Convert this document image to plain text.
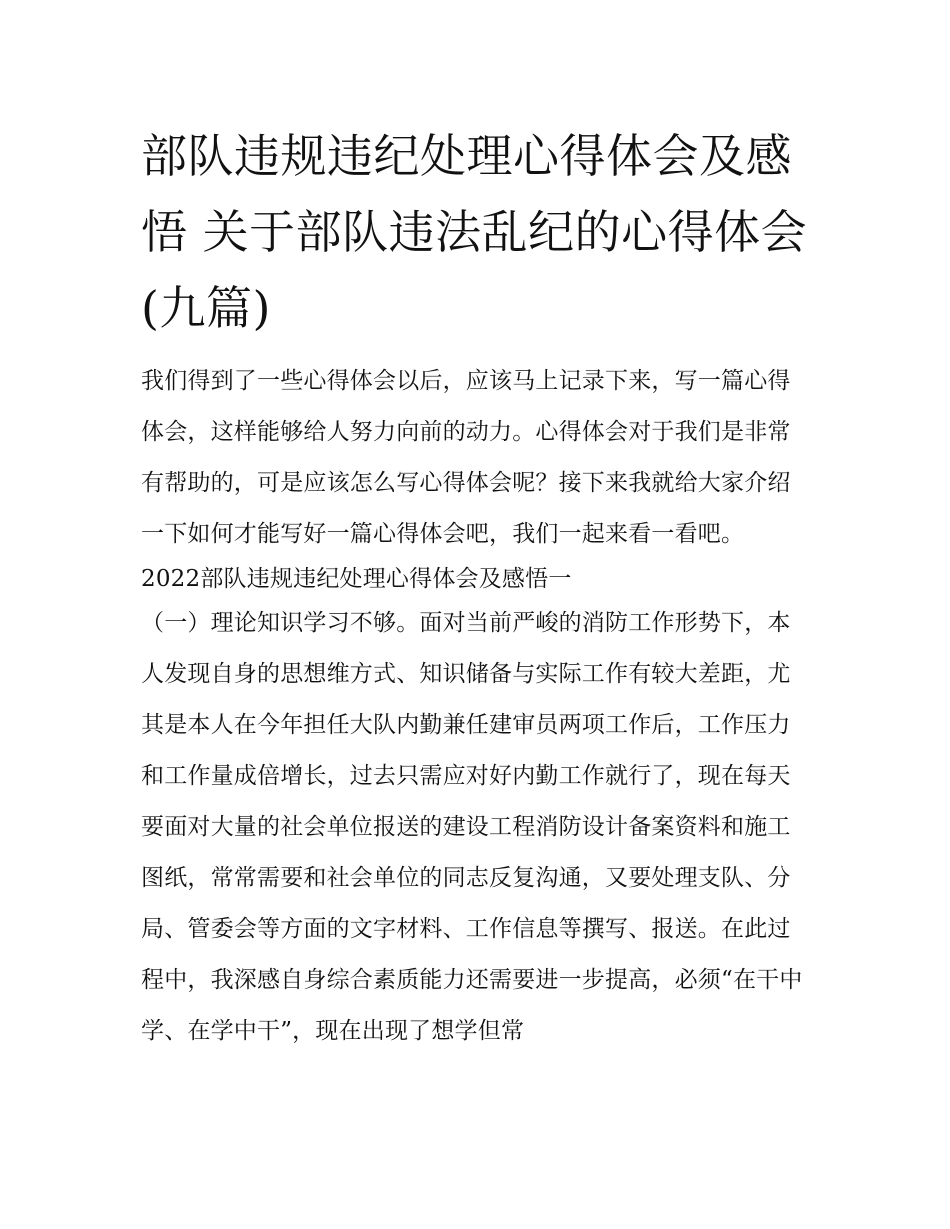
部队违规违纪处理心得体会及感悟 关于部队违法乱纪的心得体会(九篇)

我们得到了一些心得体会以后，应该马上记录下来，写一篇心得体会，这样能够给人努力向前的动力。心得体会对于我们是非常有帮助的，可是应该怎么写心得体会呢？接下来我就给大家介绍一下如何才能写好一篇心得体会吧，我们一起来看一看吧。

2022部队违规违纪处理心得体会及感悟一

（一）理论知识学习不够。面对当前严峻的消防工作形势下，本人发现自身的思想维方式、知识储备与实际工作有较大差距，尤其是本人在今年担任大队内勤兼任建审员两项工作后，工作压力和工作量成倍增长，过去只需应对好内勤工作就行了，现在每天要面对大量的社会单位报送的建设工程消防设计备案资料和施工图纸，常常需要和社会单位的同志反复沟通，又要处理支队、分局、管委会等方面的文字材料、工作信息等撰写、报送。在此过程中，我深感自身综合素质能力还需要进一步提高，必须“在干中学、在学中干”，现在出现了想学但常
